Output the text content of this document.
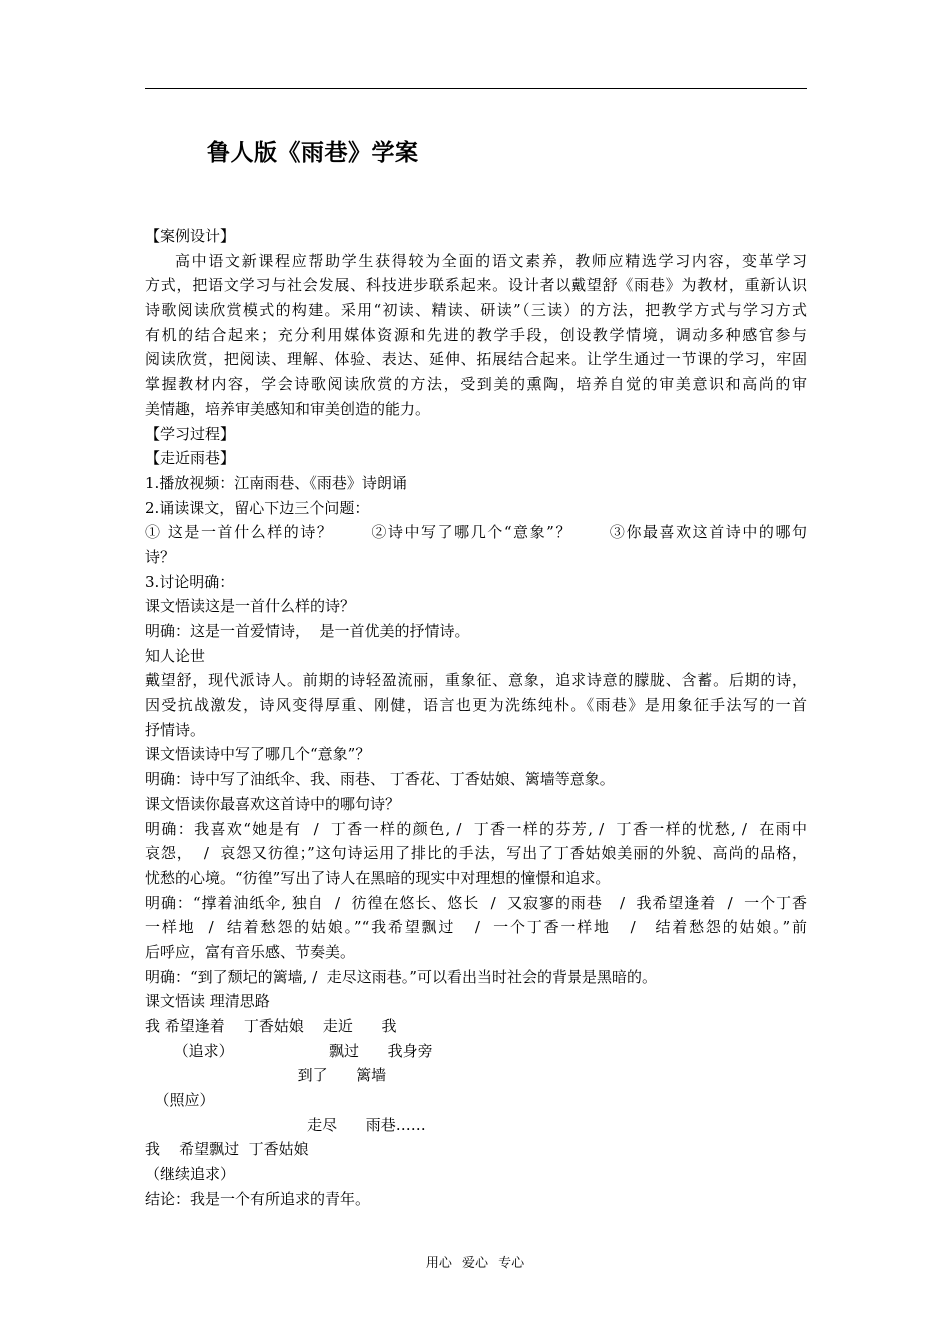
鲁人版《雨巷》学案
【案例设计】
高中语文新课程应帮助学生获得较为全面的语文素养，教师应精选学习内容，变革学习
方式，把语文学习与社会发展、科技进步联系起来。设计者以戴望舒《雨巷》为教材，重新认识
诗歌阅读欣赏模式的构建。采用“初读、精读、研读”（三读）的方法，把教学方式与学习方式
有机的结合起来；充分利用媒体资源和先进的教学手段，创设教学情境，调动多种感官参与
阅读欣赏，把阅读、理解、体验、表达、延伸、拓展结合起来。让学生通过一节课的学习，牢固
掌握教材内容，学会诗歌阅读欣赏的方法，受到美的熏陶，培养自觉的审美意识和高尚的审
美情趣，培养审美感知和审美创造的能力。
【学习过程】
【走近雨巷】
1.播放视频：江南雨巷、《雨巷》诗朗诵
2.诵读课文，留心下边三个问题：
① 这是一首什么样的诗？      ②诗中写了哪几个“意象”？      ③你最喜欢这首诗中的哪句
诗？
3.讨论明确：
课文悟读这是一首什么样的诗？
明确：这是一首爱情诗，  是一首优美的抒情诗。
知人论世
戴望舒，现代派诗人。前期的诗轻盈流丽，重象征、意象，追求诗意的朦胧、含蓄。后期的诗，
因受抗战激发，诗风变得厚重、刚健，语言也更为洗练纯朴。《雨巷》是用象征手法写的一首
抒情诗。
课文悟读诗中写了哪几个“意象”？
明确：诗中写了油纸伞、我、雨巷、 丁香花、丁香姑娘、篱墙等意象。
课文悟读你最喜欢这首诗中的哪句诗？
明确：我喜欢“她是有  /  丁香一样的颜色, /  丁香一样的芬芳, /  丁香一样的忧愁, /  在雨中
哀怨，  /  哀怨又彷徨；”这句诗运用了排比的手法，写出了丁香姑娘美丽的外貌、高尚的品格，
忧愁的心境。“彷徨”写出了诗人在黑暗的现实中对理想的憧憬和追求。
明确：“撑着油纸伞, 独自  /  彷徨在悠长、悠长  /  又寂寥的雨巷   /  我希望逢着  /  一个丁香
一样地  /  结着愁怨的姑娘。”“我希望飘过   /  一个丁香一样地   /   结着愁怨的姑娘。”前
后呼应，富有音乐感、节奏美。
明确：“到了颓圮的篱墙, /  走尽这雨巷。”可以看出当时社会的背景是黑暗的。
课文悟读 理清思路
我 希望逢着    丁香姑娘    走近      我
（追求）                    飘过      我身旁
到了      篱墙
（照应）
走尽      雨巷……
我    希望飘过  丁香姑娘
（继续追求）
结论：我是一个有所追求的青年。
用心 爱心 专心
